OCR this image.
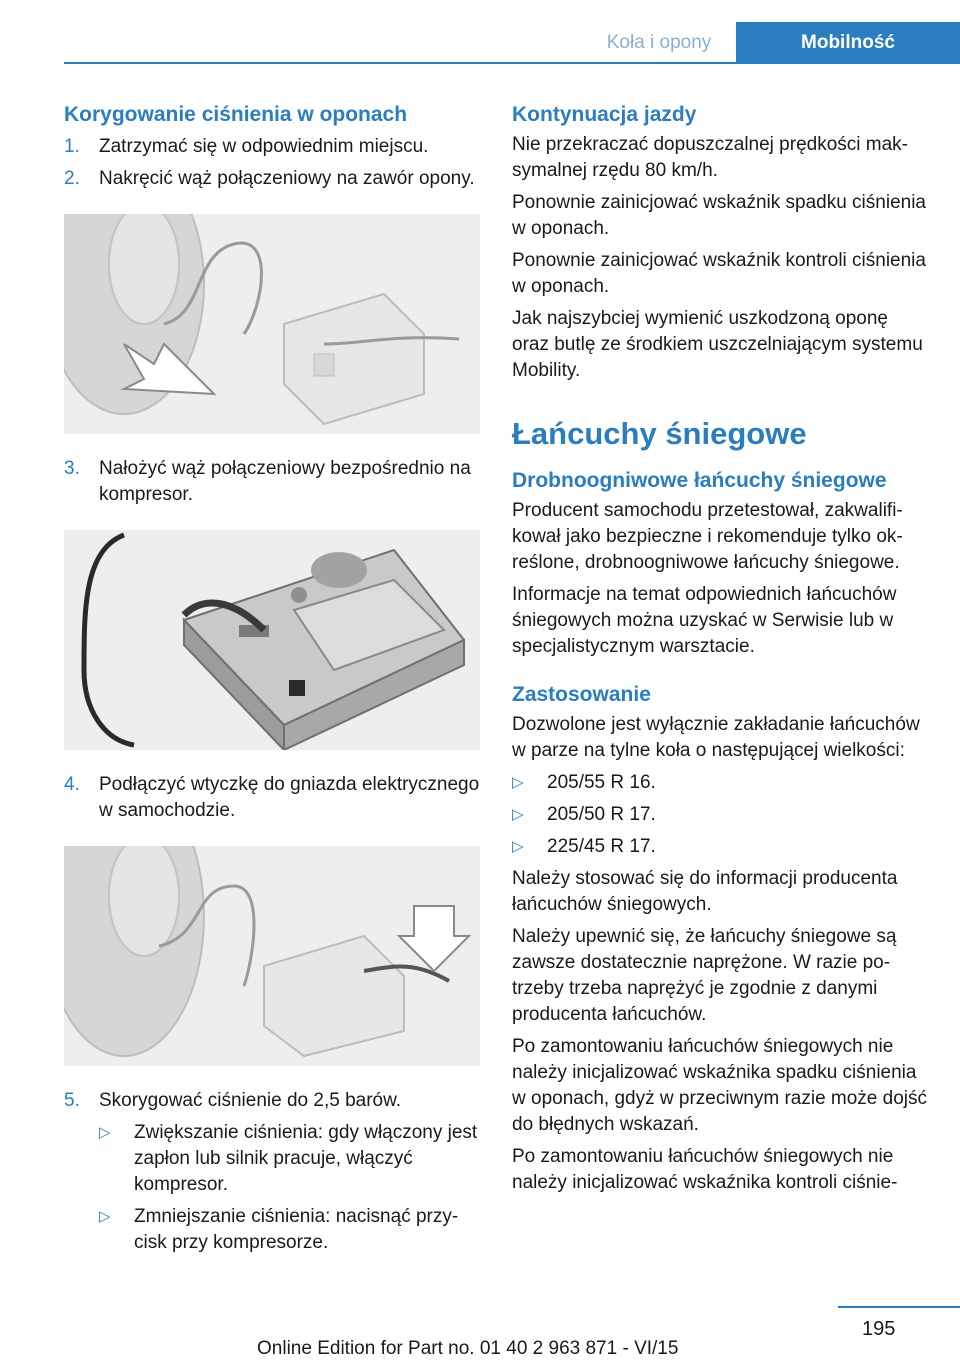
Koła i opony	Mobilność
Korygowanie ciśnienia w oponach
1.	Zatrzymać się w odpowiednim miejscu.
2.	Nakręcić wąż połączeniowy na zawór opony.
3.	Nałożyć wąż połączeniowy bezpośrednio na kompresor.
4.	Podłączyć wtyczkę do gniazda elektrycznego w samochodzie.
5.	Skorygować ciśnienie do 2,5 barów.
▷	Zwiększanie ciśnienia: gdy włączony jest zapłon lub silnik pracuje, włączyć kompresor.
▷	Zmniejszanie ciśnienia: nacisnąć przycisk przy kompresorze.
Kontynuacja jazdy

Nie przekraczać dopuszczalnej prędkości maksymalnej rzędu 80 km/h.

Ponownie zainicjować wskaźnik spadku ciśnienia w oponach.

Ponownie zainicjować wskaźnik kontroli ciśnienia w oponach.

Jak najszybciej wymienić uszkodzoną oponę oraz butlę ze środkiem uszczelniającym systemu Mobility.

Łańcuchy śniegowe
Drobnoogniwowe łańcuchy śniegowe

Producent samochodu przetestował, zakwalifikował jako bezpieczne i rekomenduje tylko określone, drobnoogniwowe łańcuchy śniegowe.

Informacje na temat odpowiednich łańcuchów śniegowych można uzyskać w Serwisie lub w specjalistycznym warsztacie.

Zastosowanie

Dozwolone jest wyłącznie zakładanie łańcuchów w parze na tylne koła o następującej wielkości:

▷	205/55 R 16.
▷	205/50 R 17.
▷	225/45 R 17.

Należy stosować się do informacji producenta łańcuchów śniegowych.

Należy upewnić się, że łańcuchy śniegowe są zawsze dostatecznie naprężone. W razie potrzeby trzeba naprężyć je zgodnie z danymi producenta łańcuchów.

Po zamontowaniu łańcuchów śniegowych nie należy inicjalizować wskaźnika spadku ciśnienia w oponach, gdyż w przeciwnym razie może dojść do błędnych wskazań.

Po zamontowaniu łańcuchów śniegowych nie należy inicjalizować wskaźnika kontroli ciśnie-

195
Online Edition for Part no. 01 40 2 963 871 - VI/15
